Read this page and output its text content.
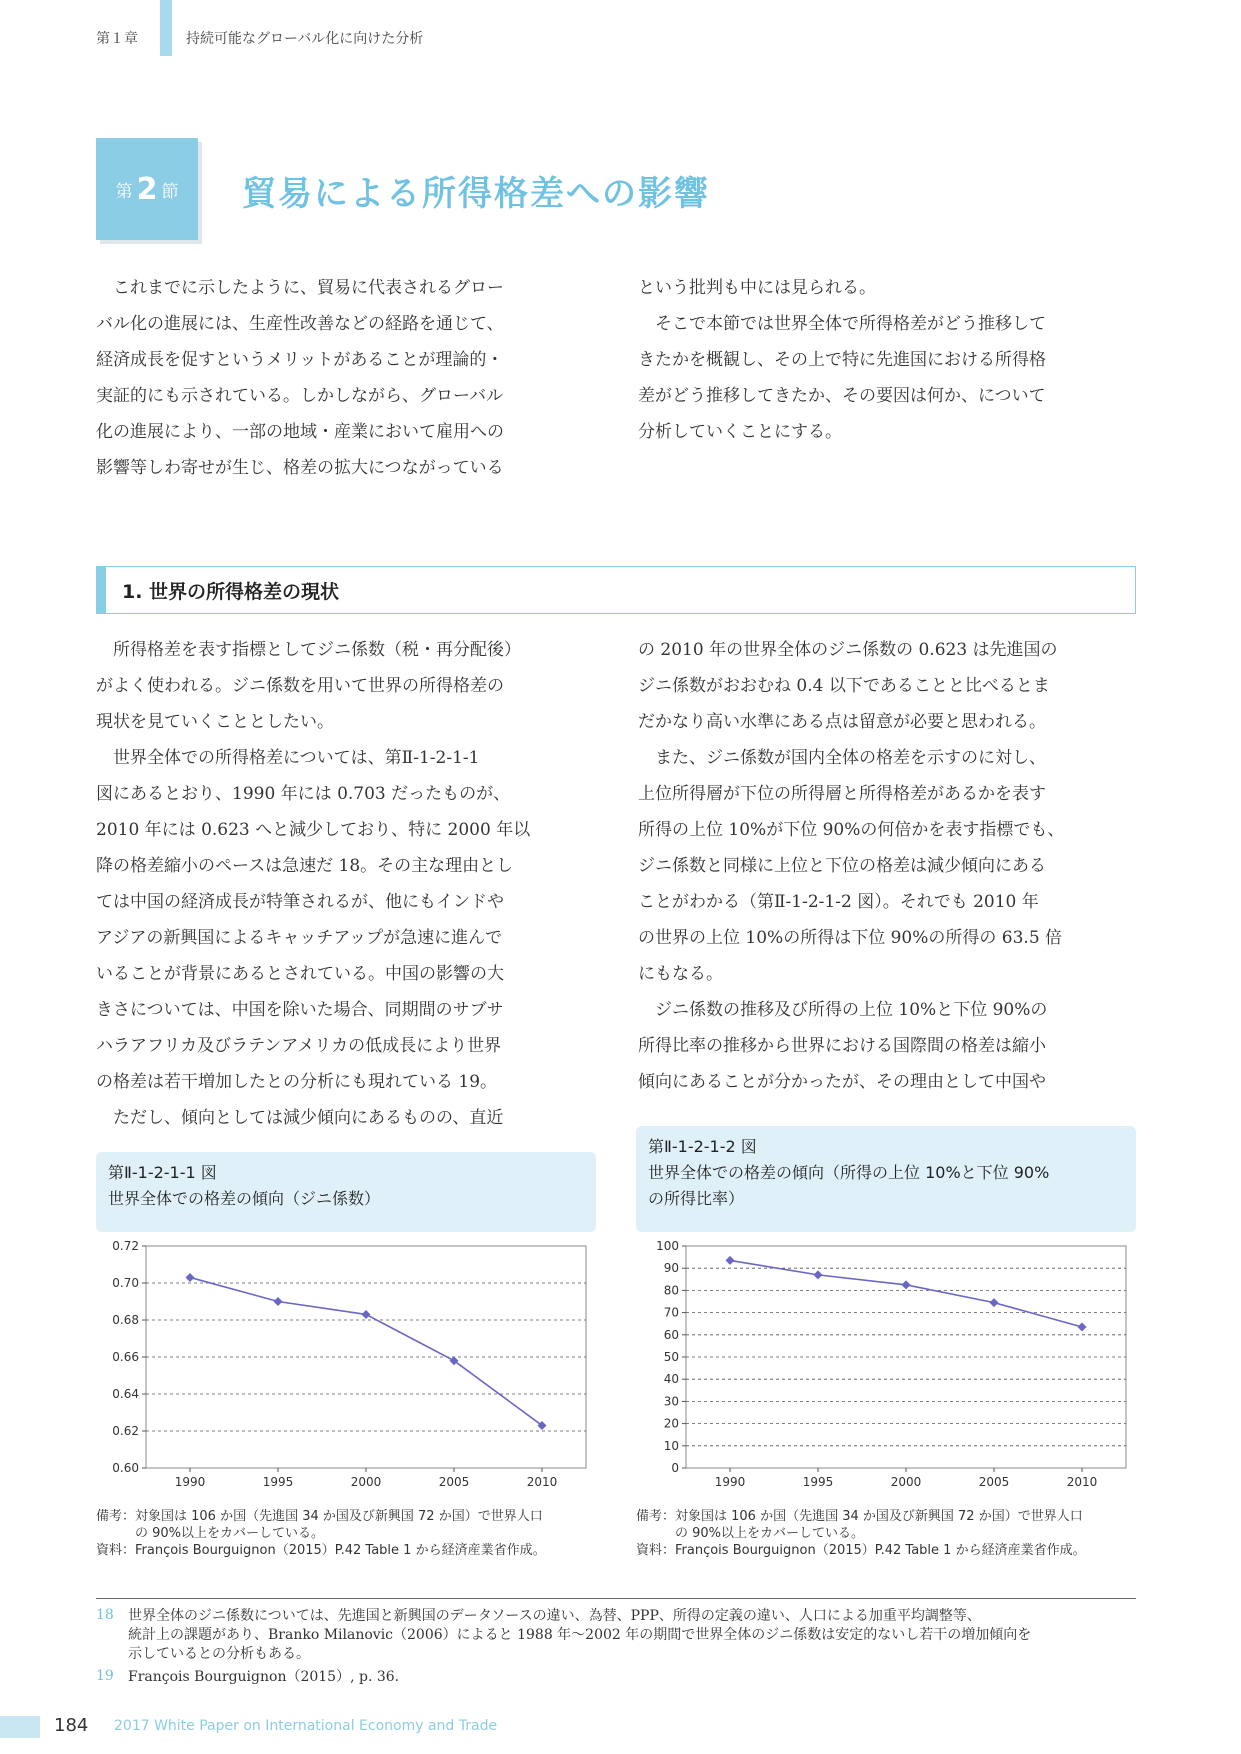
第１章	持続可能なグローバル化に向けた分析
第 2 節 貿易による所得格差への影響

　これまでに示したように、貿易に代表されるグロー

バル化の進展には、生産性改善などの経路を通じて、

経済成長を促すというメリットがあることが理論的・

実証的にも示されている。しかしながら、グローバル

化の進展により、一部の地域・産業において雇用への

影響等しわ寄せが生じ、格差の拡大につながっている

という批判も中には見られる。

　そこで本節では世界全体で所得格差がどう推移して

きたかを概観し、その上で特に先進国における所得格

差がどう推移してきたか、その要因は何か、について

分析していくことにする。

1. 世界の所得格差の現状

　所得格差を表す指標としてジニ係数（税・再分配後）

がよく使われる。ジニ係数を用いて世界の所得格差の

現状を見ていくこととしたい。

　世界全体での所得格差については、第Ⅱ-1-2-1-1

図にあるとおり、1990 年には 0.703 だったものが、

2010 年には 0.623 へと減少しており、特に 2000 年以

降の格差縮小のペースは急速だ 18。その主な理由とし

ては中国の経済成長が特筆されるが、他にもインドや

アジアの新興国によるキャッチアップが急速に進んで

いることが背景にあるとされている。中国の影響の大

きさについては、中国を除いた場合、同期間のサブサ

ハラアフリカ及びラテンアメリカの低成長により世界

の格差は若干増加したとの分析にも現れている 19。

　ただし、傾向としては減少傾向にあるものの、直近

の 2010 年の世界全体のジニ係数の 0.623 は先進国の

ジニ係数がおおむね 0.4 以下であることと比べるとま

だかなり高い水準にある点は留意が必要と思われる。

　また、ジニ係数が国内全体の格差を示すのに対し、

上位所得層が下位の所得層と所得格差があるかを表す

所得の上位 10%が下位 90%の何倍かを表す指標でも、

ジニ係数と同様に上位と下位の格差は減少傾向にある

ことがわかる（第Ⅱ-1-2-1-2 図）。それでも 2010 年

の世界の上位 10%の所得は下位 90%の所得の 63.5 倍

にもなる。

　ジニ係数の推移及び所得の上位 10%と下位 90%の

所得比率の推移から世界における国際間の格差は縮小

傾向にあることが分かったが、その理由として中国や

第Ⅱ-1-2-1-1 図
世界全体での格差の傾向（ジニ係数）
0.72
0.70
0.68
0.66
0.64
0.62
0.60
1990	1995	2000	2005	2010
備考：対象国は 106 か国（先進国 34 か国及び新興国 72 か国）で世界人口
　　　の 90%以上をカバーしている。
資料：François Bourguignon（2015）P.42 Table 1 から経済産業省作成。
第Ⅱ-1-2-1-2 図
世界全体での格差の傾向（所得の上位 10%と下位 90%
の所得比率）
100
90
80
70
60
50
40
30
20
10
0
1990	1995	2000	2005	2010
備考：対象国は 106 か国（先進国 34 か国及び新興国 72 か国）で世界人口
　　　の 90%以上をカバーしている。
資料：François Bourguignon（2015）P.42 Table 1 から経済産業省作成。
18 世界全体のジニ係数については、先進国と新興国のデータソースの違い、為替、PPP、所得の定義の違い、人口による加重平均調整等、
統計上の課題があり、Branko Milanovic（2006）によると 1988 年〜2002 年の期間で世界全体のジニ係数は安定的ないし若干の増加傾向を
示しているとの分析もある。
19 François Bourguignon（2015）, p. 36.
184 2017 White Paper on International Economy and Trade
